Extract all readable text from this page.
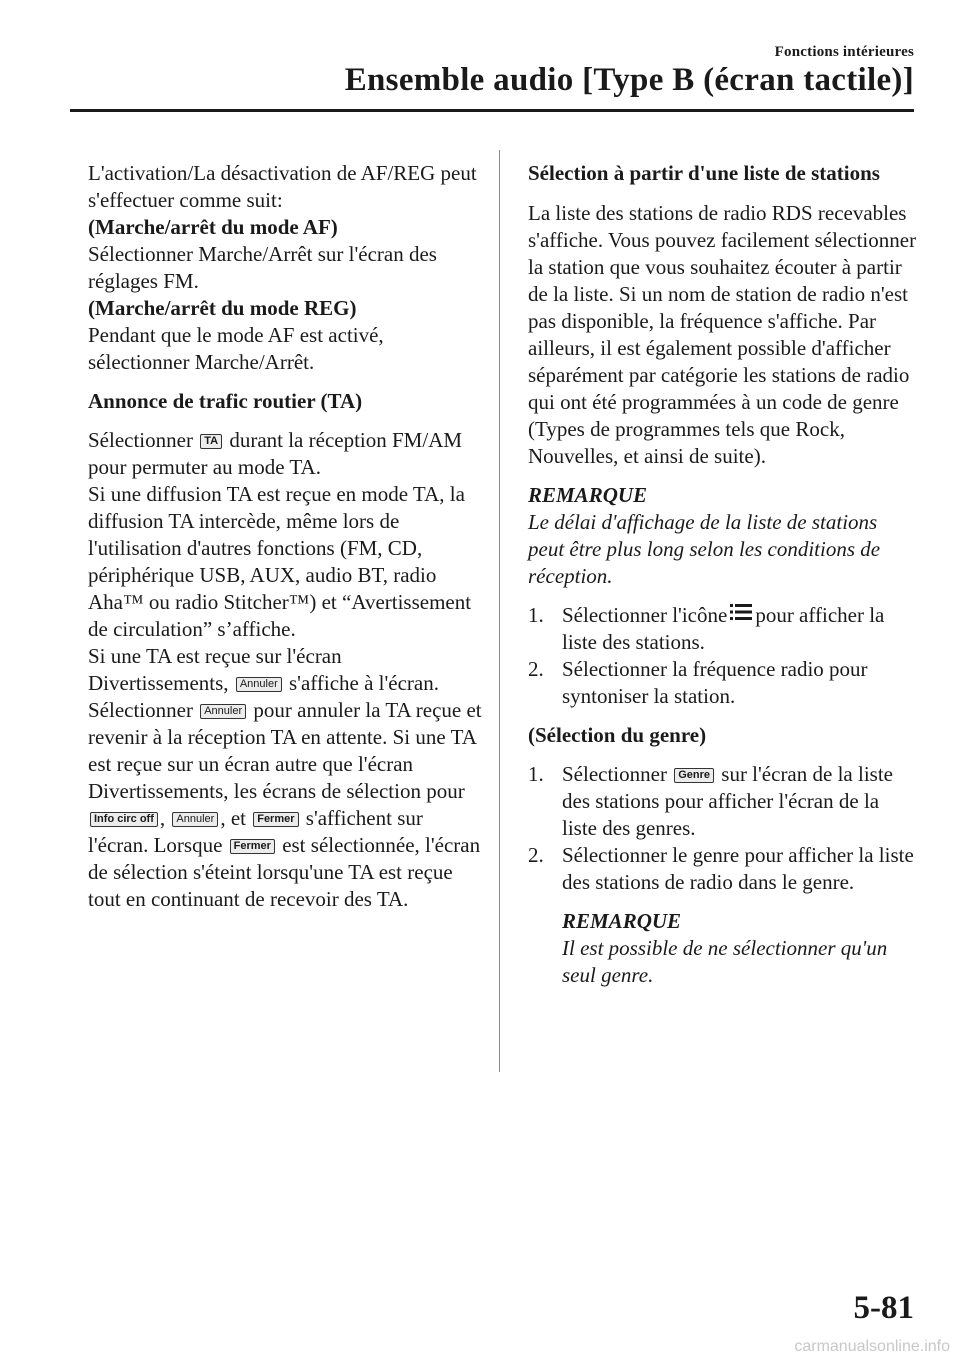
Fonctions intérieures
Ensemble audio [Type B (écran tactile)]

L'activation/La désactivation de AF/REG peut s'effectuer comme suit:

(Marche/arrêt du mode AF)

Sélectionner Marche/Arrêt sur l'écran des réglages FM.

(Marche/arrêt du mode REG)

Pendant que le mode AF est activé, sélectionner Marche/Arrêt.

Annonce de trafic routier (TA)

Sélectionner TA durant la réception FM/AM pour permuter au mode TA.

Si une diffusion TA est reçue en mode TA, la diffusion TA intercède, même lors de l'utilisation d'autres fonctions (FM, CD, périphérique USB, AUX, audio BT, radio Aha™ ou radio Stitcher™) et “Avertissement de circulation” s’affiche.

Si une TA est reçue sur l'écran Divertissements, Annuler s'affiche à l'écran.

Sélectionner Annuler pour annuler la TA reçue et revenir à la réception TA en attente. Si une TA est reçue sur un écran autre que l'écran Divertissements, les écrans de sélection pour Info circ off , Annuler , et Fermer s'affichent sur l'écran. Lorsque Fermer est sélectionnée, l'écran de sélection s'éteint lorsqu'une TA est reçue tout en continuant de recevoir des TA.

Sélection à partir d'une liste de stations

La liste des stations de radio RDS recevables s'affiche. Vous pouvez facilement sélectionner la station que vous souhaitez écouter à partir de la liste. Si un nom de station de radio n'est pas disponible, la fréquence s'affiche. Par ailleurs, il est également possible d'afficher séparément par catégorie les stations de radio qui ont été programmées à un code de genre (Types de programmes tels que Rock, Nouvelles, et ainsi de suite).

REMARQUE

Le délai d'affichage de la liste de stations peut être plus long selon les conditions de réception.

1. Sélectionner l'icône pour afficher la liste des stations.
2. Sélectionner la fréquence radio pour syntoniser la station.

(Sélection du genre)

1. Sélectionner Genre sur l'écran de la liste des stations pour afficher l'écran de la liste des genres.
2. Sélectionner le genre pour afficher la liste des stations de radio dans le genre.

REMARQUE

Il est possible de ne sélectionner qu'un seul genre.

5-81
carmanualsonline.info
